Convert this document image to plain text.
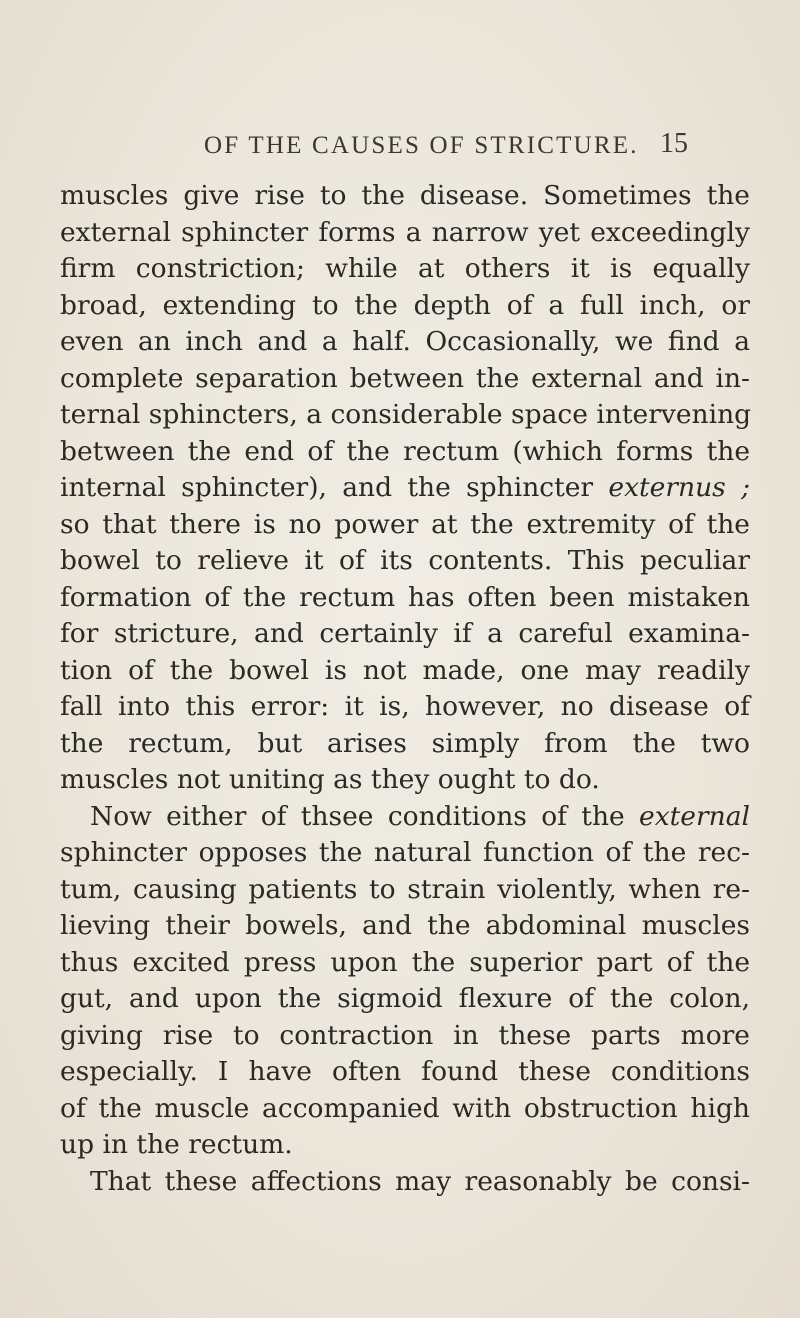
OF THE CAUSES OF STRICTURE. 15
muscles give rise to the disease. Sometimes the
external sphincter forms a narrow yet exceedingly
firm constriction; while at others it is equally
broad, extending to the depth of a full inch, or
even an inch and a half. Occasionally, we find a
complete separation between the external and in-
ternal sphincters, a considerable space intervening
between the end of the rectum (which forms the
internal sphincter), and the sphincter externus ;
so that there is no power at the extremity of the
bowel to relieve it of its contents. This peculiar
formation of the rectum has often been mistaken
for stricture, and certainly if a careful examina-
tion of the bowel is not made, one may readily
fall into this error: it is, however, no disease of
the rectum, but arises simply from the two
muscles not uniting as they ought to do.
Now either of thsee conditions of the external
sphincter opposes the natural function of the rec-
tum, causing patients to strain violently, when re-
lieving their bowels, and the abdominal muscles
thus excited press upon the superior part of the
gut, and upon the sigmoid flexure of the colon,
giving rise to contraction in these parts more
especially. I have often found these conditions
of the muscle accompanied with obstruction high
up in the rectum.
That these affections may reasonably be consi-
